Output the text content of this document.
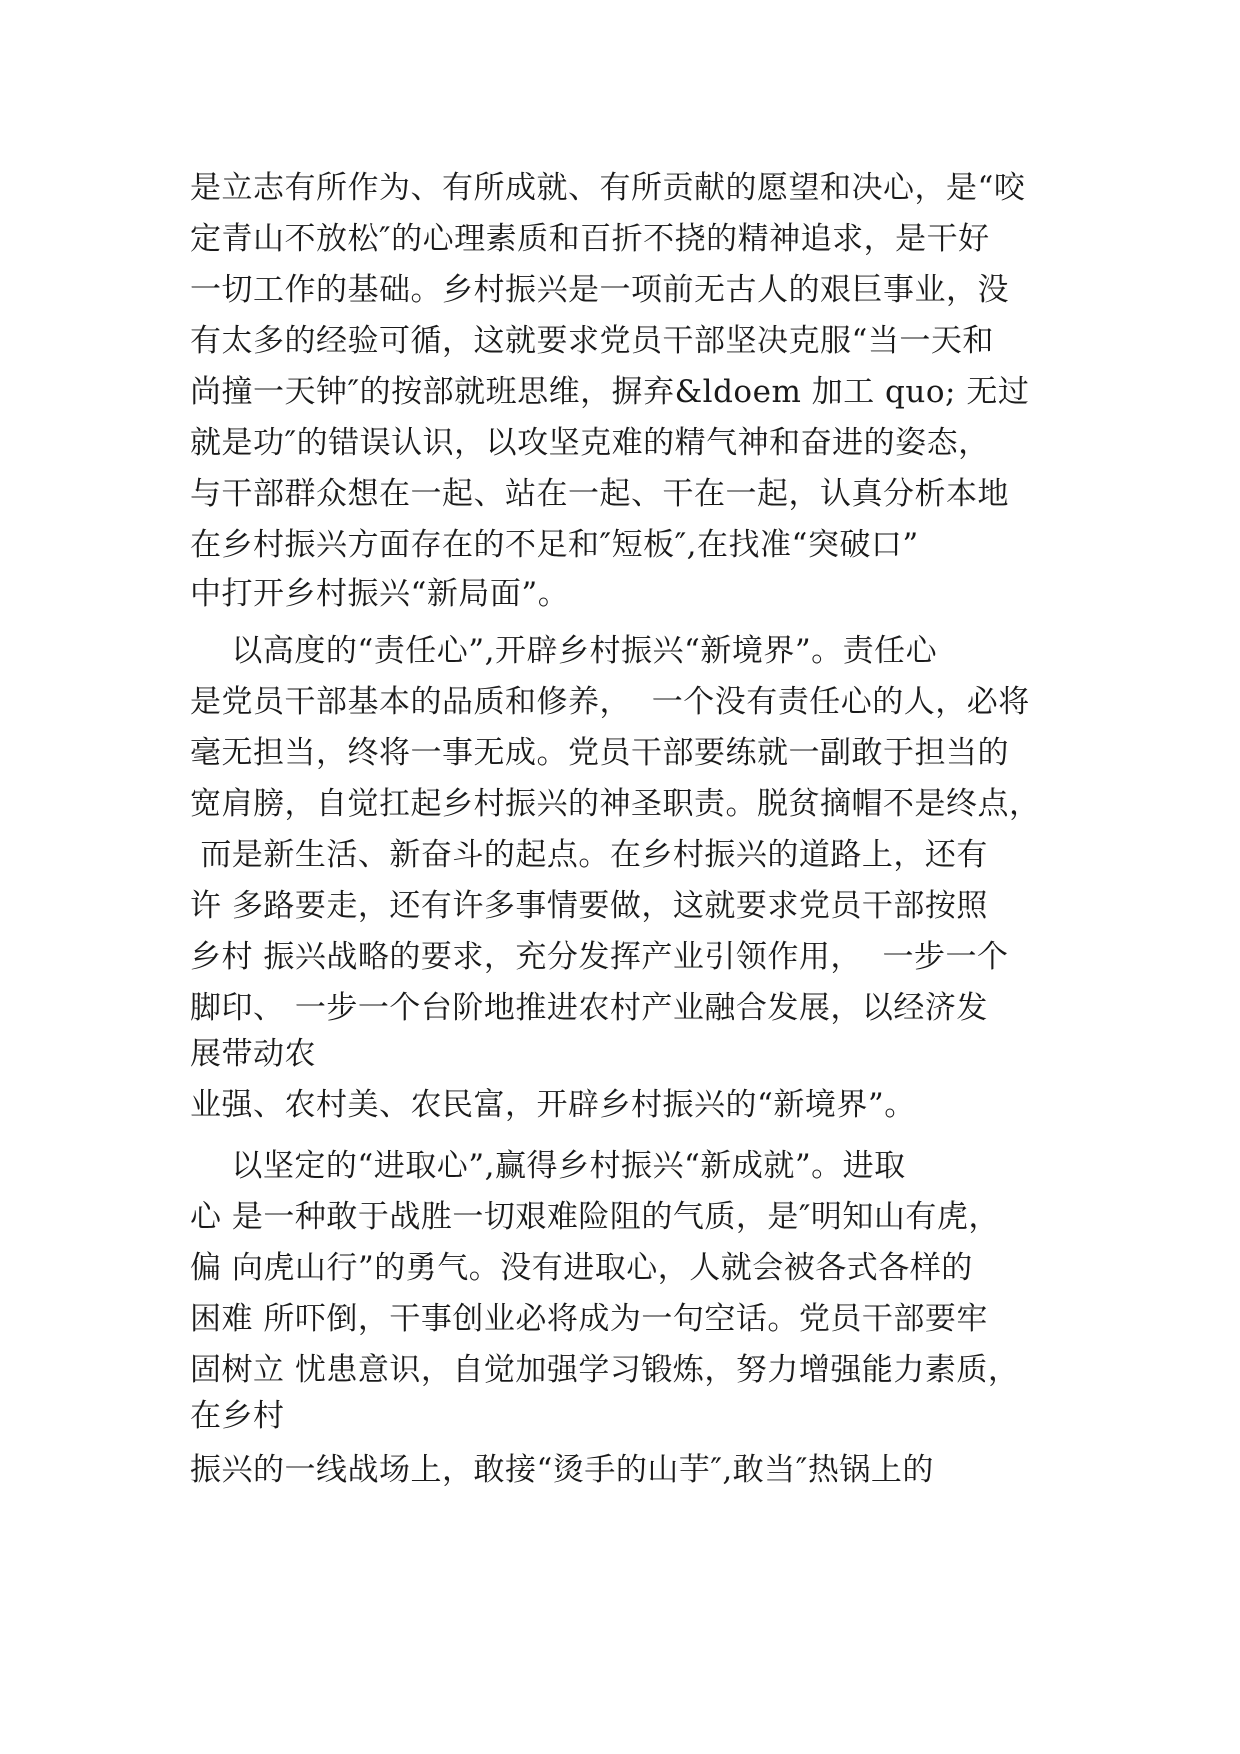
是立志有所作为、有所成就、有所贡献的愿望和决心，是“咬
定青山不放松″的心理素质和百折不挠的精神追求，是干好
一切工作的基础。乡村振兴是一项前无古人的艰巨事业，没
有太多的经验可循，这就要求党员干部坚决克服“当一天和
尚撞一天钟″的按部就班思维，摒弃&ldoem 加工 quo; 无过
就是功″的错误认识，以攻坚克难的精气神和奋进的姿态，
与干部群众想在一起、站在一起、干在一起，认真分析本地
在乡村振兴方面存在的不足和″短板″,在找准“突破口”
中打开乡村振兴“新局面”。
以高度的“责任心”,开辟乡村振兴“新境界”。责任心
是党员干部基本的品质和修养，  一个没有责任心的人，必将
毫无担当，终将一事无成。党员干部要练就一副敢于担当的
宽肩膀，自觉扛起乡村振兴的神圣职责。脱贫摘帽不是终点，
而是新生活、新奋斗的起点。在乡村振兴的道路上，还有
许 多路要走，还有许多事情要做，这就要求党员干部按照
乡村 振兴战略的要求，充分发挥产业引领作用，  一步一个
脚印、 一步一个台阶地推进农村产业融合发展，以经济发
展带动农
业强、农村美、农民富，开辟乡村振兴的“新境界”。
以坚定的“进取心”,赢得乡村振兴“新成就”。进取
心 是一种敢于战胜一切艰难险阻的气质，是″明知山有虎，
偏 向虎山行”的勇气。没有进取心，人就会被各式各样的
困难 所吓倒，干事创业必将成为一句空话。党员干部要牢
固树立 忧患意识，自觉加强学习锻炼，努力增强能力素质，
在乡村
振兴的一线战场上，敢接“烫手的山芋″,敢当″热锅上的
